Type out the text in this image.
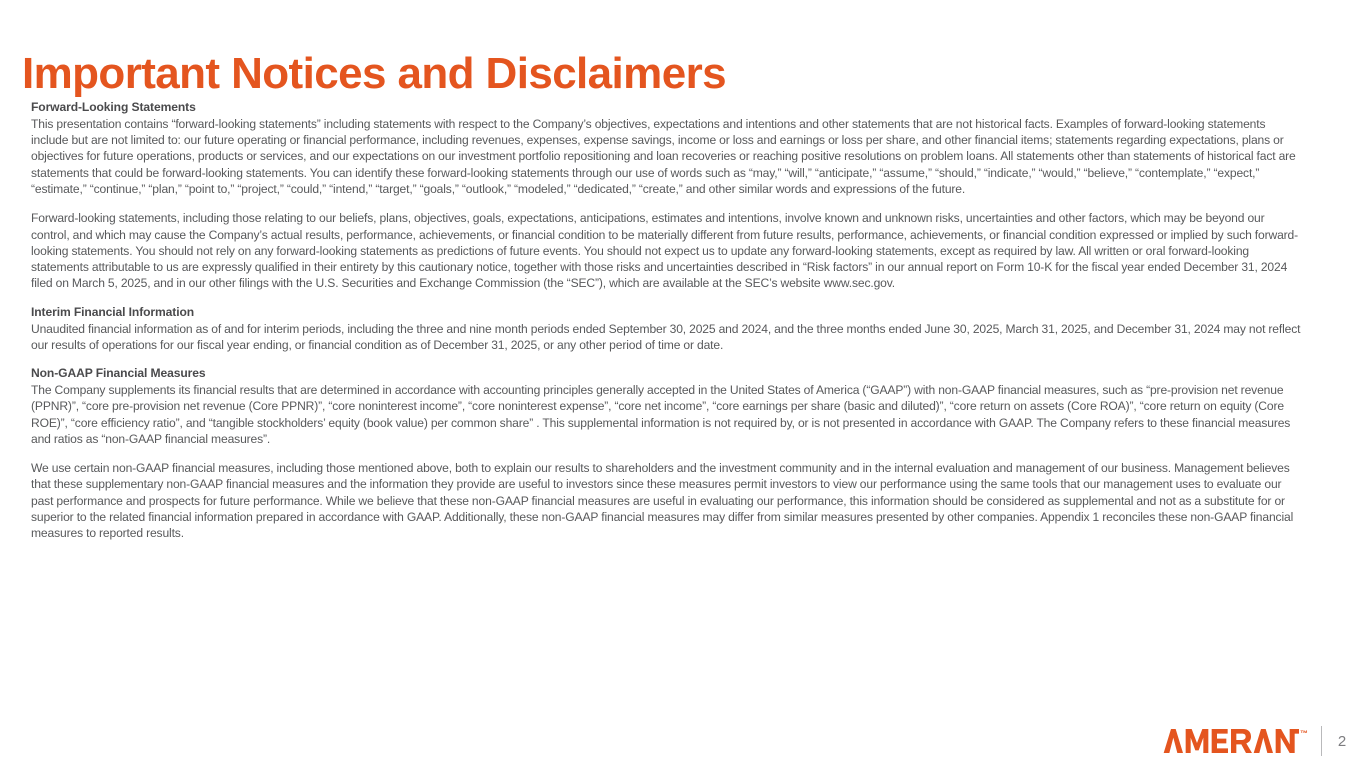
Important Notices and Disclaimers
Forward-Looking Statements

This presentation contains “forward-looking statements” including statements with respect to the Company’s objectives, expectations and intentions and other statements that are not historical facts. Examples of forward-looking statements include but are not limited to: our future operating or financial performance, including revenues, expenses, expense savings, income or loss and earnings or loss per share, and other financial items; statements regarding expectations, plans or objectives for future operations, products or services, and our expectations on our investment portfolio repositioning and loan recoveries or reaching positive resolutions on problem loans. All statements other than statements of historical fact are statements that could be forward-looking statements. You can identify these forward-looking statements through our use of words such as “may,” “will,” “anticipate,” “assume,” “should,” “indicate,” “would,” “believe,” “contemplate,” “expect,” “estimate,” “continue,” “plan,” “point to,” “project,” “could,” “intend,” “target,” “goals,” “outlook,” “modeled,” “dedicated,” “create,” and other similar words and expressions of the future.

Forward-looking statements, including those relating to our beliefs, plans, objectives, goals, expectations, anticipations, estimates and intentions, involve known and unknown risks, uncertainties and other factors, which may be beyond our control, and which may cause the Company’s actual results, performance, achievements, or financial condition to be materially different from future results, performance, achievements, or financial condition expressed or implied by such forward-looking statements. You should not rely on any forward-looking statements as predictions of future events. You should not expect us to update any forward-looking statements, except as required by law. All written or oral forward-looking statements attributable to us are expressly qualified in their entirety by this cautionary notice, together with those risks and uncertainties described in “Risk factors” in our annual report on Form 10-K for the fiscal year ended December 31, 2024 filed on March 5, 2025, and in our other filings with the U.S. Securities and Exchange Commission (the “SEC”), which are available at the SEC’s website www.sec.gov.

Interim Financial Information

Unaudited financial information as of and for interim periods, including the three and nine month periods ended September 30, 2025 and 2024, and the three months ended June 30, 2025, March 31, 2025, and December 31, 2024 may not reflect our results of operations for our fiscal year ending, or financial condition as of December 31, 2025, or any other period of time or date.

Non-GAAP Financial Measures

The Company supplements its financial results that are determined in accordance with accounting principles generally accepted in the United States of America (“GAAP”) with non-GAAP financial measures, such as “pre-provision net revenue (PPNR)”, “core pre-provision net revenue (Core PPNR)”, “core noninterest income”, “core noninterest expense”, “core net income”, “core earnings per share (basic and diluted)”, “core return on assets (Core ROA)”, “core return on equity (Core ROE)”, “core efficiency ratio”, and “tangible stockholders’ equity (book value) per common share” . This supplemental information is not required by, or is not presented in accordance with GAAP. The Company refers to these financial measures and ratios as “non-GAAP financial measures”.

We use certain non-GAAP financial measures, including those mentioned above, both to explain our results to shareholders and the investment community and in the internal evaluation and management of our business. Management believes that these supplementary non-GAAP financial measures and the information they provide are useful to investors since these measures permit investors to view our performance using the same tools that our management uses to evaluate our past performance and prospects for future performance. While we believe that these non-GAAP financial measures are useful in evaluating our performance, this information should be considered as supplemental and not as a substitute for or superior to the related financial information prepared in accordance with GAAP. Additionally, these non-GAAP financial measures may differ from similar measures presented by other companies. Appendix 1 reconciles these non-GAAP financial measures to reported results.

™ 2
